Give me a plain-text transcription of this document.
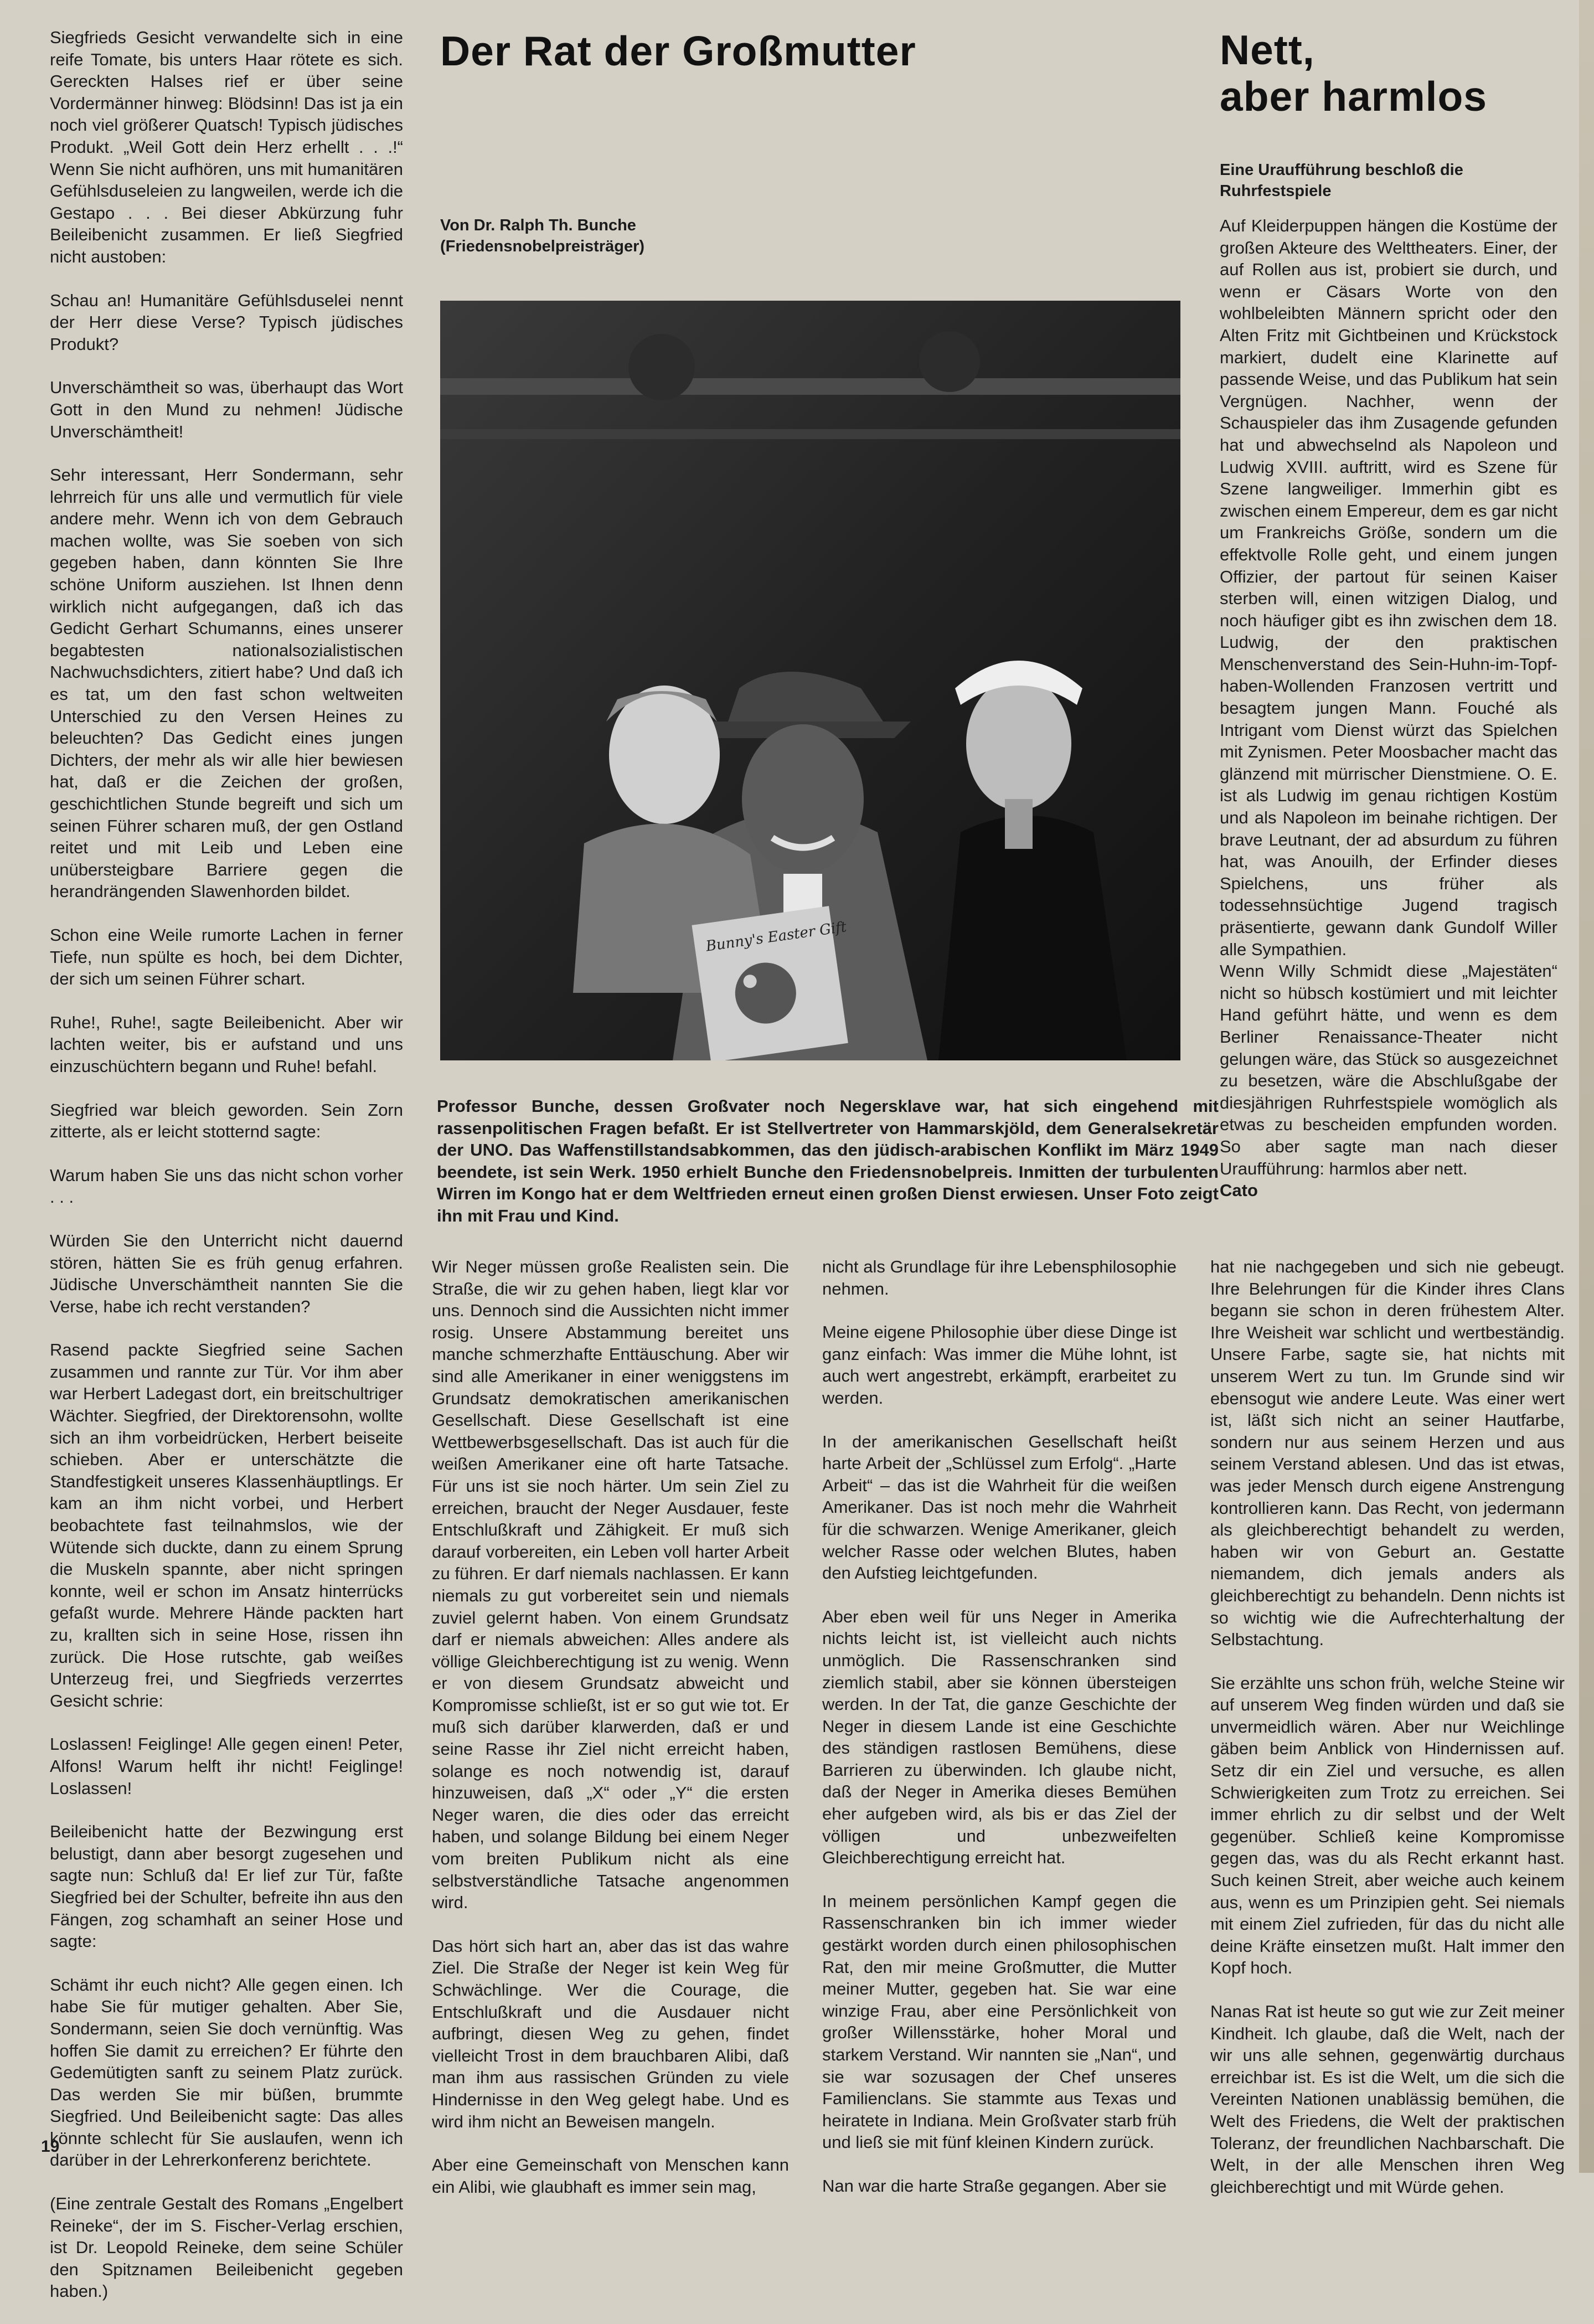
Siegfrieds Gesicht verwandelte sich in eine reife Tomate, bis unters Haar rötete es sich. Gereckten Halses rief er über seine Vordermänner hinweg: Blödsinn! Das ist ja ein noch viel größerer Quatsch! Typisch jüdisches Produkt. „Weil Gott dein Herz erhellt . . .!“ Wenn Sie nicht aufhören, uns mit humanitären Gefühlsduseleien zu langweilen, werde ich die Gestapo . . . Bei dieser Abkürzung fuhr Beileibenicht zusammen. Er ließ Siegfried nicht austoben:

Schau an! Humanitäre Gefühlsduselei nennt der Herr diese Verse? Typisch jüdisches Produkt?

Unverschämtheit so was, überhaupt das Wort Gott in den Mund zu nehmen! Jüdische Unverschämtheit!

Sehr interessant, Herr Sondermann, sehr lehrreich für uns alle und vermutlich für viele andere mehr. Wenn ich von dem Gebrauch machen wollte, was Sie soeben von sich gegeben haben, dann könnten Sie Ihre schöne Uniform ausziehen. Ist Ihnen denn wirklich nicht aufgegangen, daß ich das Gedicht Gerhart Schumanns, eines unserer begabtesten nationalsozialistischen Nachwuchsdichters, zitiert habe? Und daß ich es tat, um den fast schon weltweiten Unterschied zu den Versen Heines zu beleuchten? Das Gedicht eines jungen Dichters, der mehr als wir alle hier bewiesen hat, daß er die Zeichen der großen, geschichtlichen Stunde begreift und sich um seinen Führer scharen muß, der gen Ostland reitet und mit Leib und Leben eine unübersteigbare Barriere gegen die herandrängenden Slawenhorden bildet.

Schon eine Weile rumorte Lachen in ferner Tiefe, nun spülte es hoch, bei dem Dichter, der sich um seinen Führer schart.

Ruhe!, Ruhe!, sagte Beileibenicht. Aber wir lachten weiter, bis er aufstand und uns einzuschüchtern begann und Ruhe! befahl.

Siegfried war bleich geworden. Sein Zorn zitterte, als er leicht stotternd sagte:

Warum haben Sie uns das nicht schon vorher . . .

Würden Sie den Unterricht nicht dauernd stören, hätten Sie es früh genug erfahren. Jüdische Unverschämtheit nannten Sie die Verse, habe ich recht verstanden?

Rasend packte Siegfried seine Sachen zusammen und rannte zur Tür. Vor ihm aber war Herbert Ladegast dort, ein breitschultriger Wächter. Siegfried, der Direktorensohn, wollte sich an ihm vorbeidrücken, Herbert beiseite schieben. Aber er unterschätzte die Standfestigkeit unseres Klassenhäuptlings. Er kam an ihm nicht vorbei, und Herbert beobachtete fast teilnahmslos, wie der Wütende sich duckte, dann zu einem Sprung die Muskeln spannte, aber nicht springen konnte, weil er schon im Ansatz hinterrücks gefaßt wurde. Mehrere Hände packten hart zu, krallten sich in seine Hose, rissen ihn zurück. Die Hose rutschte, gab weißes Unterzeug frei, und Siegfrieds verzerrtes Gesicht schrie:

Loslassen! Feiglinge! Alle gegen einen! Peter, Alfons! Warum helft ihr nicht! Feiglinge! Loslassen!

Beileibenicht hatte der Bezwingung erst belustigt, dann aber besorgt zugesehen und sagte nun: Schluß da! Er lief zur Tür, faßte Siegfried bei der Schulter, befreite ihn aus den Fängen, zog schamhaft an seiner Hose und sagte:

Schämt ihr euch nicht? Alle gegen einen. Ich habe Sie für mutiger gehalten. Aber Sie, Sondermann, seien Sie doch vernünftig. Was hoffen Sie damit zu erreichen? Er führte den Gedemütigten sanft zu seinem Platz zurück. Das werden Sie mir büßen, brummte Siegfried. Und Beileibenicht sagte: Das alles könnte schlecht für Sie auslaufen, wenn ich darüber in der Lehrerkonferenz berichtete.

(Eine zentrale Gestalt des Romans „Engelbert Reineke“, der im S. Fischer-Verlag erschien, ist Dr. Leopold Reineke, dem seine Schüler den Spitznamen Beileibenicht gegeben haben.)

19
Der Rat der Großmutter
Von Dr. Ralph Th. Bunche
(Friedensnobelpreisträger)
Bunny's Easter Gift
Professor Bunche, dessen Großvater noch Negersklave war, hat sich eingehend mit rassenpolitischen Fragen befaßt. Er ist Stellvertreter von Hammarskjöld, dem Generalsekretär der UNO. Das Waffenstillstandsabkommen, das den jüdisch-arabischen Konflikt im März 1949 beendete, ist sein Werk. 1950 erhielt Bunche den Friedensnobelpreis. Inmitten der turbulenten Wirren im Kongo hat er dem Weltfrieden erneut einen großen Dienst erwiesen. Unser Foto zeigt ihn mit Frau und Kind.

Wir Neger müssen große Realisten sein. Die Straße, die wir zu gehen haben, liegt klar vor uns. Dennoch sind die Aussichten nicht immer rosig. Unsere Abstammung bereitet uns manche schmerzhafte Enttäuschung. Aber wir sind alle Amerikaner in einer weniggstens im Grundsatz demokratischen amerikanischen Gesellschaft. Diese Gesellschaft ist eine Wettbewerbsgesellschaft. Das ist auch für die weißen Amerikaner eine oft harte Tatsache. Für uns ist sie noch härter. Um sein Ziel zu erreichen, braucht der Neger Ausdauer, feste Entschlußkraft und Zähigkeit. Er muß sich darauf vorbereiten, ein Leben voll harter Arbeit zu führen. Er darf niemals nachlassen. Er kann niemals zu gut vorbereitet sein und niemals zuviel gelernt haben. Von einem Grundsatz darf er niemals abweichen: Alles andere als völlige Gleichberechtigung ist zu wenig. Wenn er von diesem Grundsatz abweicht und Kompromisse schließt, ist er so gut wie tot. Er muß sich darüber klarwerden, daß er und seine Rasse ihr Ziel nicht erreicht haben, solange es noch notwendig ist, darauf hinzuweisen, daß „X“ oder „Y“ die ersten Neger waren, die dies oder das erreicht haben, und solange Bildung bei einem Neger vom breiten Publikum nicht als eine selbstverständliche Tatsache angenommen wird.

Das hört sich hart an, aber das ist das wahre Ziel. Die Straße der Neger ist kein Weg für Schwächlinge. Wer die Courage, die Entschlußkraft und die Ausdauer nicht aufbringt, diesen Weg zu gehen, findet vielleicht Trost in dem brauchbaren Alibi, daß man ihm aus rassischen Gründen zu viele Hindernisse in den Weg gelegt habe. Und es wird ihm nicht an Beweisen mangeln.

Aber eine Gemeinschaft von Menschen kann ein Alibi, wie glaubhaft es immer sein mag,

nicht als Grundlage für ihre Lebensphilosophie nehmen.

Meine eigene Philosophie über diese Dinge ist ganz einfach: Was immer die Mühe lohnt, ist auch wert angestrebt, erkämpft, erarbeitet zu werden.

In der amerikanischen Gesellschaft heißt harte Arbeit der „Schlüssel zum Erfolg“. „Harte Arbeit“ – das ist die Wahrheit für die weißen Amerikaner. Das ist noch mehr die Wahrheit für die schwarzen. Wenige Amerikaner, gleich welcher Rasse oder welchen Blutes, haben den Aufstieg leichtgefunden.

Aber eben weil für uns Neger in Amerika nichts leicht ist, ist vielleicht auch nichts unmöglich. Die Rassenschranken sind ziemlich stabil, aber sie können übersteigen werden. In der Tat, die ganze Geschichte der Neger in diesem Lande ist eine Geschichte des ständigen rastlosen Bemühens, diese Barrieren zu überwinden. Ich glaube nicht, daß der Neger in Amerika dieses Bemühen eher aufgeben wird, als bis er das Ziel der völligen und unbezweifelten Gleichberechtigung erreicht hat.

In meinem persönlichen Kampf gegen die Rassenschranken bin ich immer wieder gestärkt worden durch einen philosophischen Rat, den mir meine Großmutter, die Mutter meiner Mutter, gegeben hat. Sie war eine winzige Frau, aber eine Persönlichkeit von großer Willensstärke, hoher Moral und starkem Verstand. Wir nannten sie „Nan“, und sie war sozusagen der Chef unseres Familienclans. Sie stammte aus Texas und heiratete in Indiana. Mein Großvater starb früh und ließ sie mit fünf kleinen Kindern zurück.

Nan war die harte Straße gegangen. Aber sie

hat nie nachgegeben und sich nie gebeugt. Ihre Belehrungen für die Kinder ihres Clans begann sie schon in deren frühestem Alter. Ihre Weisheit war schlicht und wertbeständig. Unsere Farbe, sagte sie, hat nichts mit unserem Wert zu tun. Im Grunde sind wir ebensogut wie andere Leute. Was einer wert ist, läßt sich nicht an seiner Hautfarbe, sondern nur aus seinem Herzen und aus seinem Verstand ablesen. Und das ist etwas, was jeder Mensch durch eigene Anstrengung kontrollieren kann. Das Recht, von jedermann als gleichberechtigt behandelt zu werden, haben wir von Geburt an. Gestatte niemandem, dich jemals anders als gleichberechtigt zu behandeln. Denn nichts ist so wichtig wie die Aufrechterhaltung der Selbstachtung.

Sie erzählte uns schon früh, welche Steine wir auf unserem Weg finden würden und daß sie unvermeidlich wären. Aber nur Weichlinge gäben beim Anblick von Hindernissen auf. Setz dir ein Ziel und versuche, es allen Schwierigkeiten zum Trotz zu erreichen. Sei immer ehrlich zu dir selbst und der Welt gegenüber. Schließ keine Kompromisse gegen das, was du als Recht erkannt hast. Such keinen Streit, aber weiche auch keinem aus, wenn es um Prinzipien geht. Sei niemals mit einem Ziel zufrieden, für das du nicht alle deine Kräfte einsetzen mußt. Halt immer den Kopf hoch.

Nanas Rat ist heute so gut wie zur Zeit meiner Kindheit. Ich glaube, daß die Welt, nach der wir uns alle sehnen, gegenwärtig durchaus erreichbar ist. Es ist die Welt, um die sich die Vereinten Nationen unablässig bemühen, die Welt des Friedens, die Welt der praktischen Toleranz, der freundlichen Nachbarschaft. Die Welt, in der alle Menschen ihren Weg gleichberechtigt und mit Würde gehen.

Nett,
aber harmlos
Eine Uraufführung beschloß die
Ruhrfestspiele

Auf Kleiderpuppen hängen die Kostüme der großen Akteure des Welttheaters. Einer, der auf Rollen aus ist, probiert sie durch, und wenn er Cäsars Worte von den wohlbeleibten Männern spricht oder den Alten Fritz mit Gichtbeinen und Krückstock markiert, dudelt eine Klarinette auf passende Weise, und das Publikum hat sein Vergnügen. Nachher, wenn der Schauspieler das ihm Zusagende gefunden hat und abwechselnd als Napoleon und Ludwig XVIII. auftritt, wird es Szene für Szene langweiliger. Immerhin gibt es zwischen einem Empereur, dem es gar nicht um Frankreichs Größe, sondern um die effektvolle Rolle geht, und einem jungen Offizier, der partout für seinen Kaiser sterben will, einen witzigen Dialog, und noch häufiger gibt es ihn zwischen dem 18. Ludwig, der den praktischen Menschenverstand des Sein-Huhn-im-Topf-haben-Wollenden Franzosen vertritt und besagtem jungen Mann. Fouché als Intrigant vom Dienst würzt das Spielchen mit Zynismen. Peter Moosbacher macht das glänzend mit mürrischer Dienstmiene. O. E. ist als Ludwig im genau richtigen Kostüm und als Napoleon im beinahe richtigen. Der brave Leutnant, der ad absurdum zu führen hat, was Anouilh, der Erfinder dieses Spielchens, uns früher als todessehnsüchtige Jugend tragisch präsentierte, gewann dank Gundolf Willer alle Sympathien.

Wenn Willy Schmidt diese „Majestäten“ nicht so hübsch kostümiert und mit leichter Hand geführt hätte, und wenn es dem Berliner Renaissance-Theater nicht gelungen wäre, das Stück so ausgezeichnet zu besetzen, wäre die Abschlußgabe der diesjährigen Ruhrfestspiele womöglich als etwas zu bescheiden empfunden worden. So aber sagte man nach dieser Uraufführung: harmlos aber nett.

Cato
